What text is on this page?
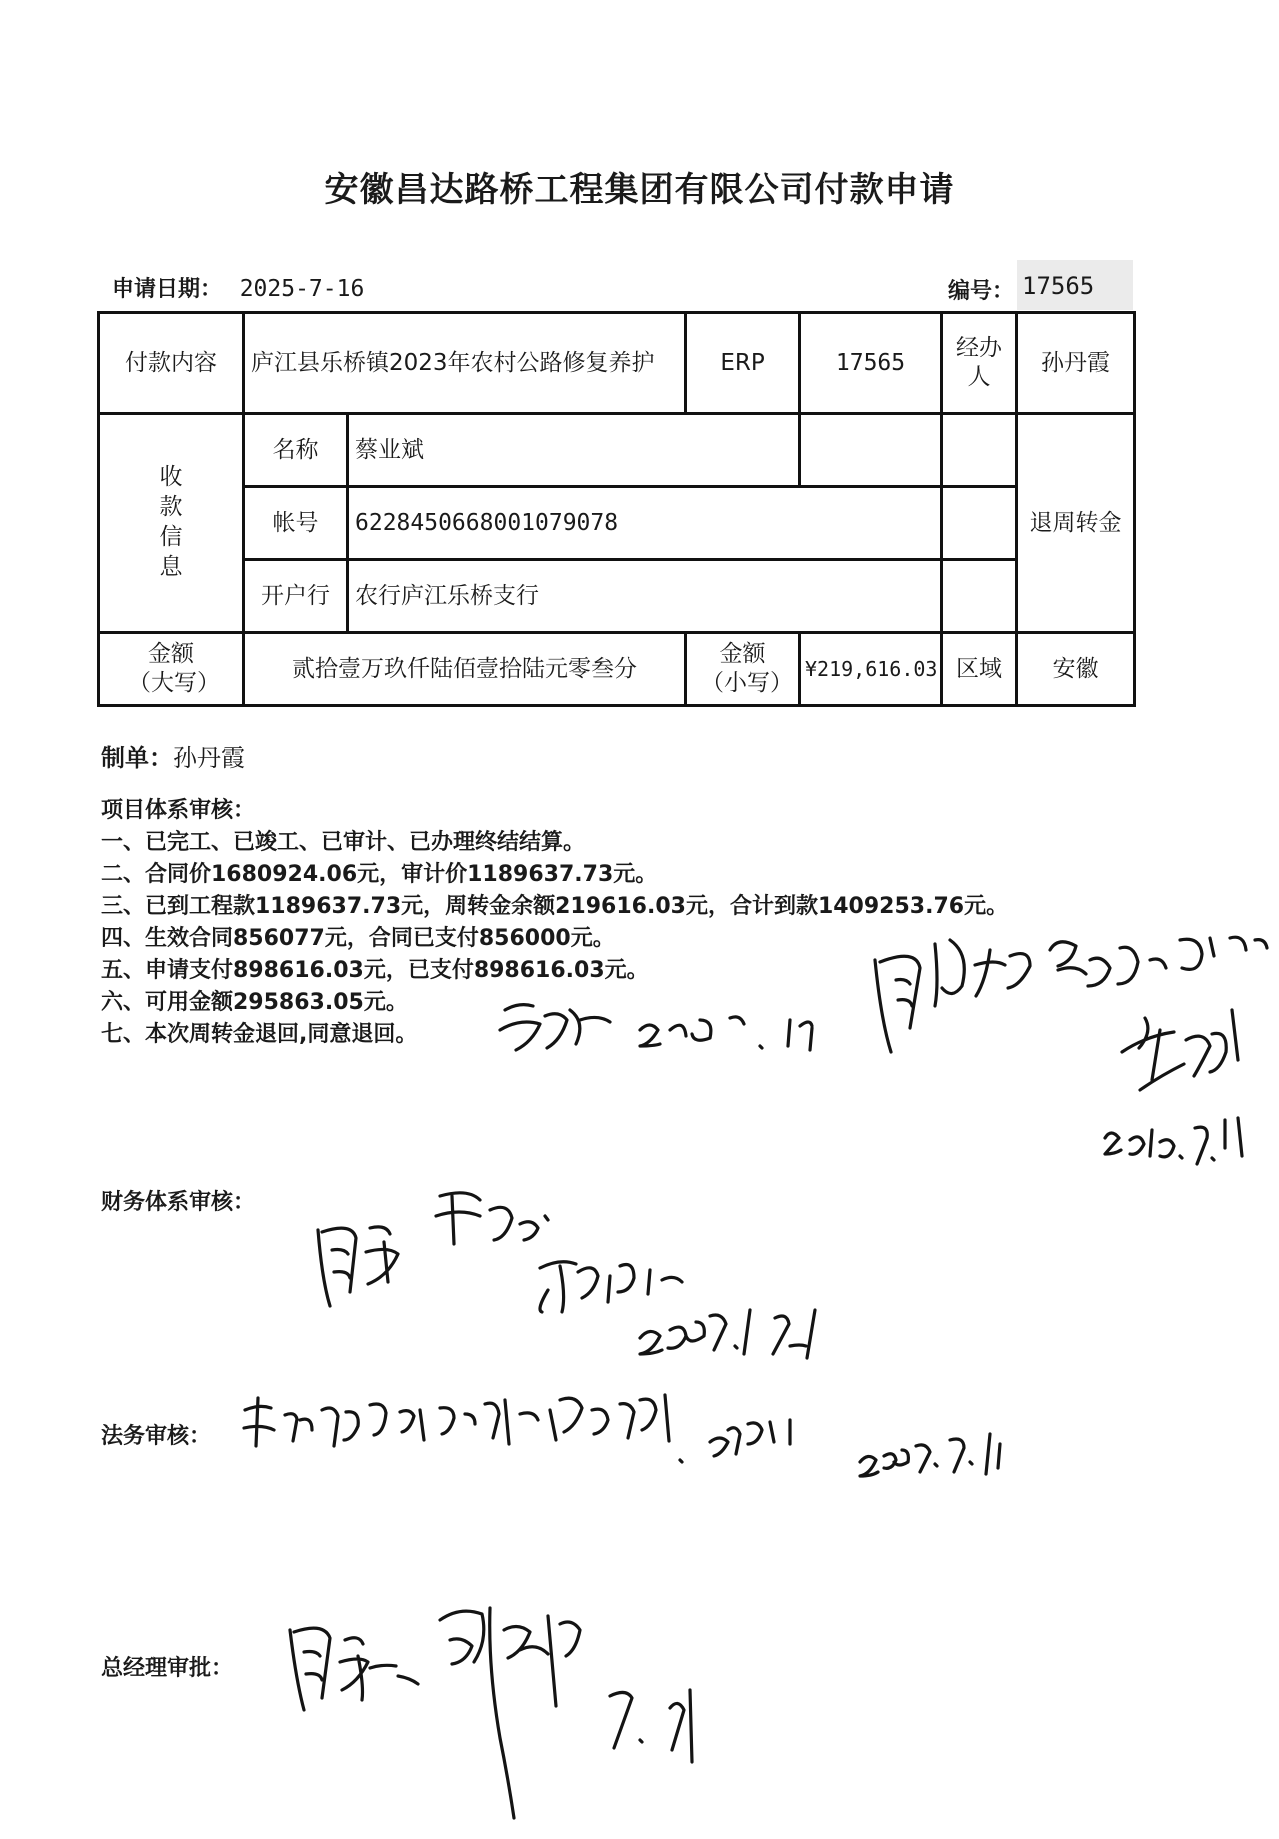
安徽昌达路桥工程集团有限公司付款申请
申请日期： 2025-7-16	编号： 17565
付款内容	庐江县乐桥镇2023年农村公路修复养护		ERP	17565	经办人	孙丹霞
收款信息	名称	蔡业斌				退周转金
	帐号	6228450668001079078				
	开户行	农行庐江乐桥支行				
金额（大写）	贰拾壹万玖仟陆佰壹拾陆元零叁分		金额（小写）	¥219,616.03	区域	安徽
制单：孙丹霞
项目体系审核：
一、已完工、已竣工、已审计、已办理终结结算。
二、合同价1680924.06元，审计价1189637.73元。
三、已到工程款1189637.73元，周转金余额219616.03元，合计到款1409253.76元。
四、生效合同856077元，合同已支付856000元。
五、申请支付898616.03元，已支付898616.03元。
六、可用金额295863.05元。
七、本次周转金退回,同意退回。
财务体系审核：
法务审核：
总经理审批：
